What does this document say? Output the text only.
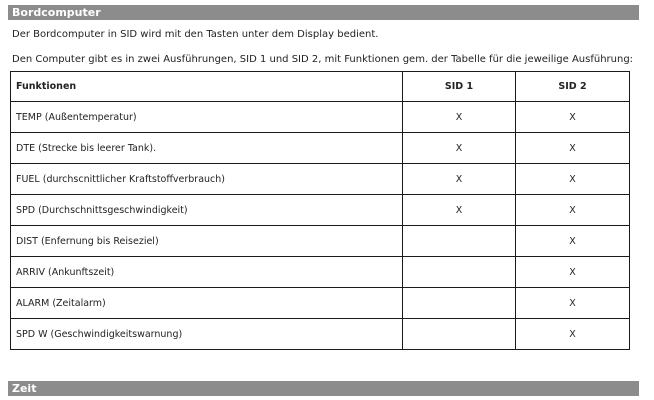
Bordcomputer
Der Bordcomputer in SID wird mit den Tasten unter dem Display bedient.
Den Computer gibt es in zwei Ausführungen, SID 1 und SID 2, mit Funktionen gem. der Tabelle für die jeweilige Ausführung:
Funktionen	SID 1	SID 2
TEMP (Außentemperatur)	X	X
DTE (Strecke bis leerer Tank).	X	X
FUEL (durchscnittlicher Kraftstoffverbrauch)	X	X
SPD (Durchschnittsgeschwindigkeit)	X	X
DIST (Enfernung bis Reiseziel)		X
ARRIV (Ankunftszeit)		X
ALARM (Zeitalarm)		X
SPD W (Geschwindigkeitswarnung)		X
Zeit
